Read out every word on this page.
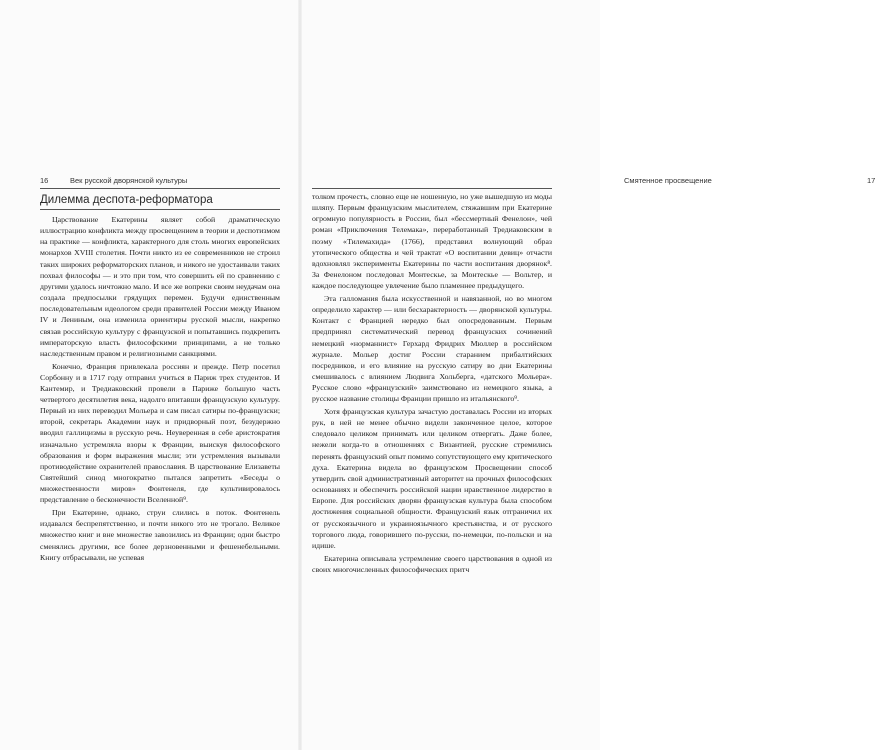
16	Век русской дворянской культуры
Дилемма деспота-реформатора

Царствование Екатерины являет собой драматическую иллюстрацию конфликта между просвещением в теории и деспотизмом на практике — конфликта, характерного для столь многих европейских монархов XVIII столетия. Почти никто из ее современников не строил таких широких реформаторских планов, и никого не удостаивали таких похвал философы — и это при том, что совершить ей по сравнению с другими удалось ничтожно мало. И все же вопреки своим неудачам она создала предпосылки грядущих перемен. Будучи единственным последовательным идеологом среди правителей России между Иваном IV и Лениным, она изменила ориентиры русской мысли, накрепко связав российскую культуру с французской и попытавшись подкрепить императорскую власть философскими принципами, а не только наследственным правом и религиозными санкциями.

Конечно, Франция привлекала россиян и прежде. Петр посетил Сорбонну и в 1717 году отправил учиться в Париж трех студентов. И Кантемир, и Тредиаковский провели в Париже большую часть четвертого десятилетия века, надолго впитавши французскую культуру. Первый из них переводил Мольера и сам писал сатиры по-французски; второй, секретарь Академии наук и придворный поэт, безудержно вводил галлицизмы в русскую речь. Неуверенная в себе аристократия изначально устремляла взоры к Франции, выискуя философского образования и форм выражения мысли; эти устремления вызывали противодействие охранителей православия. В царствование Елизаветы Святейший синод многократно пытался запретить «Беседы о множественности миров» Фонтенеля, где культивировалось представление о бесконечности Вселенной⁹.

При Екатерине, однако, струи слились в поток. Фонтенель издавался беспрепятственно, и почти никого это не трогало. Великое множество книг и вне множестве завозились из Франции; одни быстро сменялись другими, все более дерзновенными и фешенебельными. Книгу отбрасывали, не успевая

Смятенное просвещение	17

толком прочесть, словно еще не ношенную, но уже вышедшую из моды шляпу. Первым французским мыслителем, стяжавшим при Екатерине огромную популярность в России, был «бессмертный Фенелон», чей роман «Приключения Телемака», переработанный Тредиаковским в поэму «Тилемахида» (1766), представил волнующий образ утопического общества и чей трактат «О воспитании девиц» отчасти вдохновлял эксперименты Екатерины по части воспитания дворянок⁸. За Фенелоном последовал Монтескье, за Монтескье — Вольтер, и каждое последующее увлечение было пламеннее предыдущего.

Эта галломания была искусственной и навязанной, но во многом определило характер — или бесхарактерность — дворянской культуры. Контакт с Францией нередко был опосредованным. Первым предпринял систематический перевод французских сочинений немецкий «норманнист» Герхард Фридрих Мюллер в российском журнале. Мольер достиг России старанием прибалтийских посредников, и его влияние на русскую сатиру во дни Екатерины смешивалось с влиянием Людвига Хольберга, «датского Мольера». Русское слово «французский» заимствовано из немецкого языка, а русское название столицы Франции пришло из итальянского⁹.

Хотя французская культура зачастую доставалась России из вторых рук, в ней не менее обычно видели законченное целое, которое следовало целиком принимать или целиком отвергать. Даже более, нежели когда-то в отношениях с Византией, русские стремились перенять французский опыт помимо сопутствующего ему критического духа. Екатерина видела во французском Просвещении способ утвердить свой административный авторитет на прочных философских основаниях и обеспечить российской нации нравственное лидерство в Европе. Для российских дворян французская культура была способом достижения социальной общности. Французский язык отграничил их от русскоязычного и украиноязычного крестьянства, и от русского торгового люда, говорившего по-русски, по-немецки, по-польски и на идише.

Екатерина описывала устремление своего царствования в одной из своих многочисленных философических притч
